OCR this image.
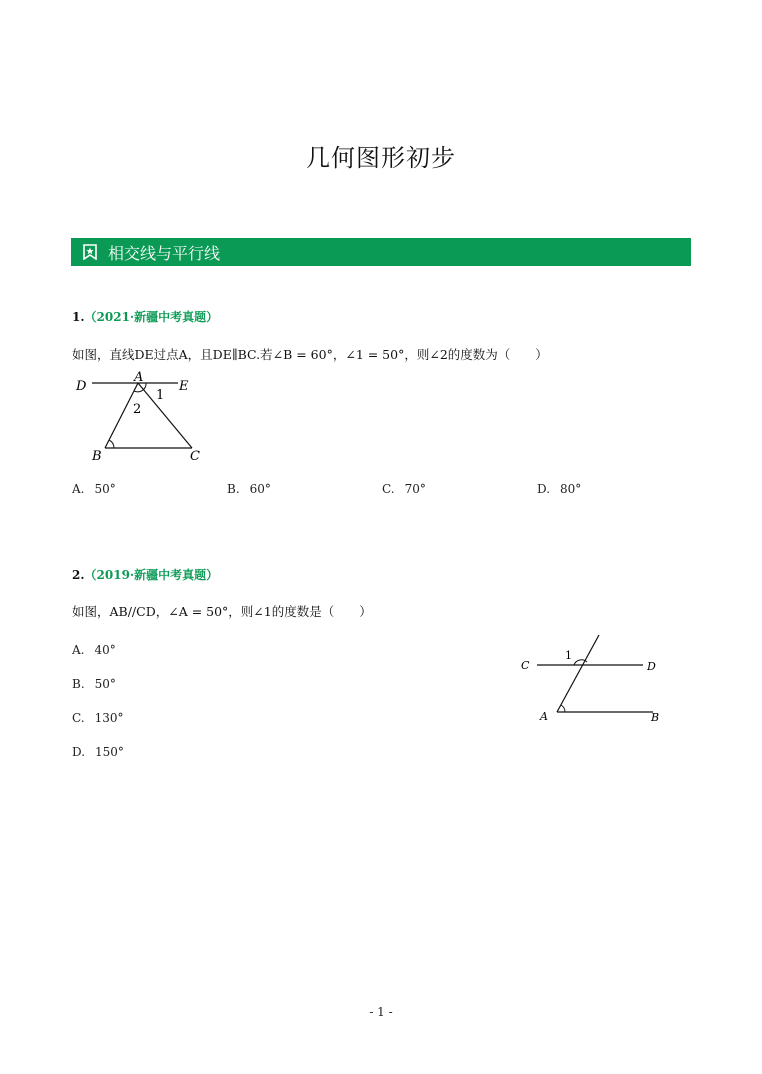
几何图形初步
相交线与平行线
1.（2021·新疆中考真题）
如图，直线DE过点A，且DE∥BC.若∠B = 60°，∠1 = 50°，则∠2的度数为（　　）
D
A
E
1
2
B	C
A. 50°	B. 60°	C. 70°	D. 80°
2.（2019·新疆中考真题）
如图，AB//CD，∠A = 50°，则∠1的度数是（　　）
A. 40°
B. 50°
C. 130°
D. 150°
C
1
D
A	B
- 1 -
